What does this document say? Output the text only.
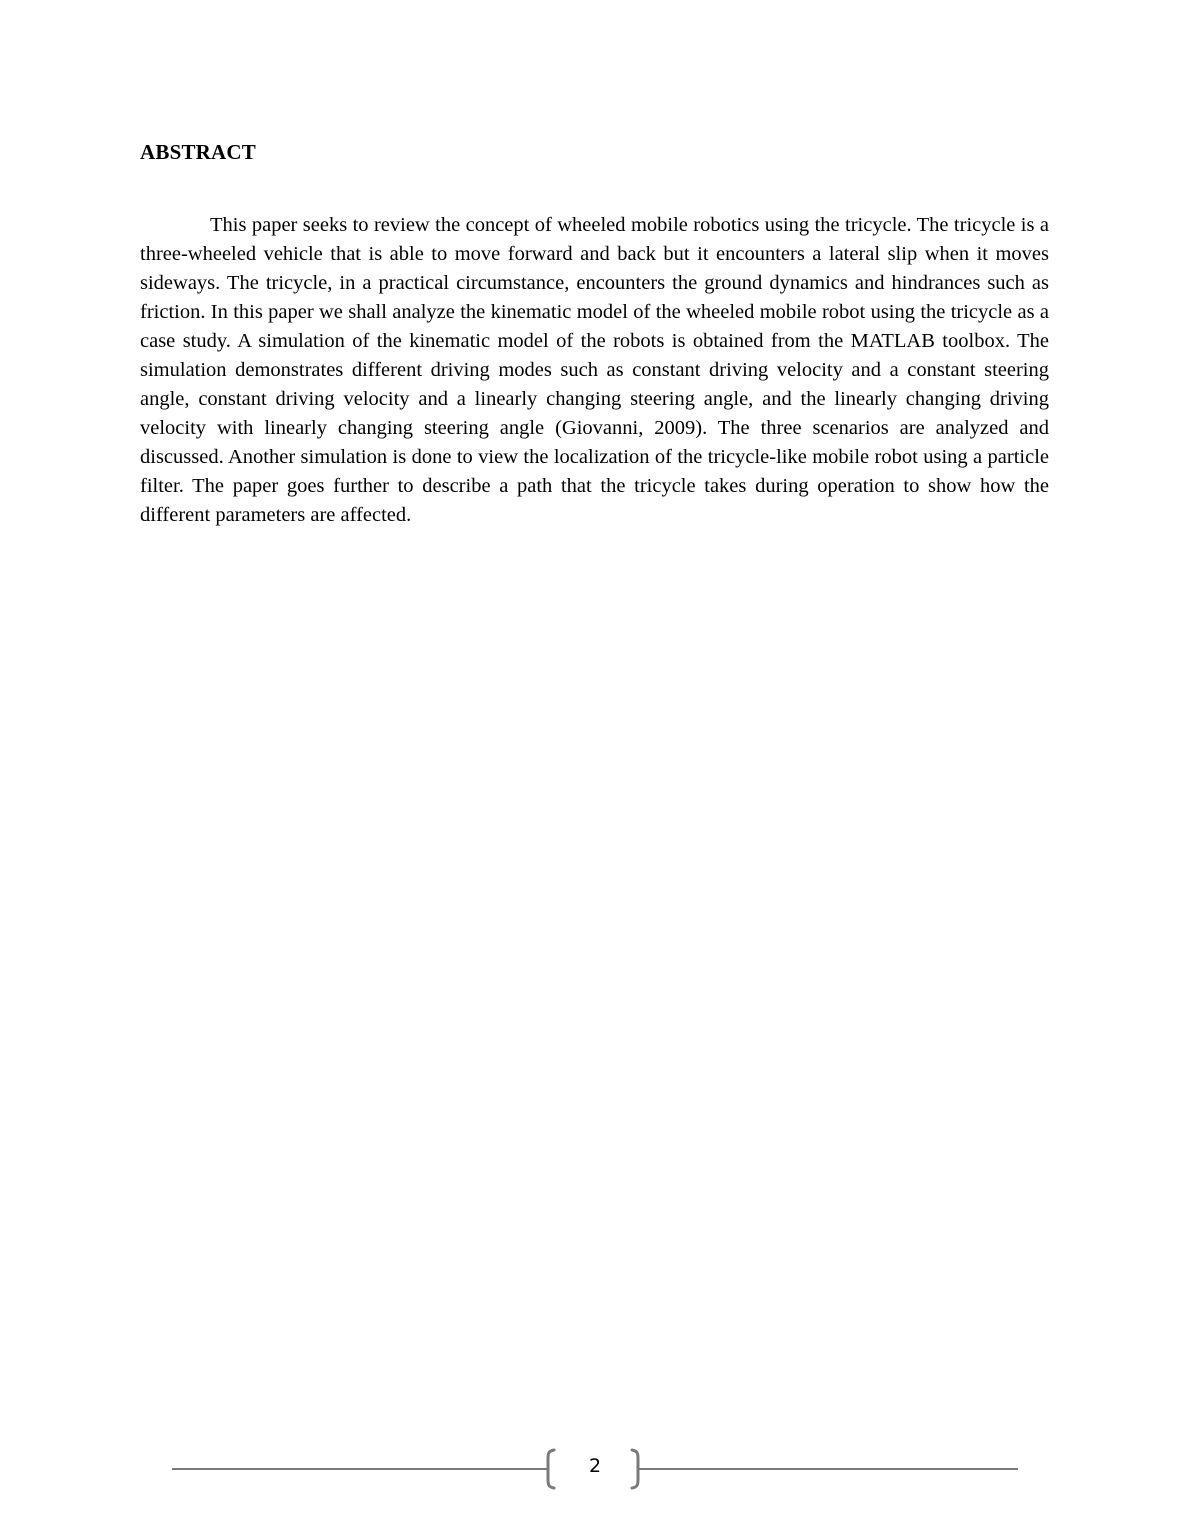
ABSTRACT

This paper seeks to review the concept of wheeled mobile robotics using the tricycle. The tricycle is a three-wheeled vehicle that is able to move forward and back but it encounters a lateral slip when it moves sideways. The tricycle, in a practical circumstance, encounters the ground dynamics and hindrances such as friction. In this paper we shall analyze the kinematic model of the wheeled mobile robot using the tricycle as a case study. A simulation of the kinematic model of the robots is obtained from the MATLAB toolbox. The simulation demonstrates different driving modes such as constant driving velocity and a constant steering angle, constant driving velocity and a linearly changing steering angle, and the linearly changing driving velocity with linearly changing steering angle (Giovanni, 2009). The three scenarios are analyzed and discussed. Another simulation is done to view the localization of the tricycle-like mobile robot using a particle filter. The paper goes further to describe a path that the tricycle takes during operation to show how the different parameters are affected.

2
